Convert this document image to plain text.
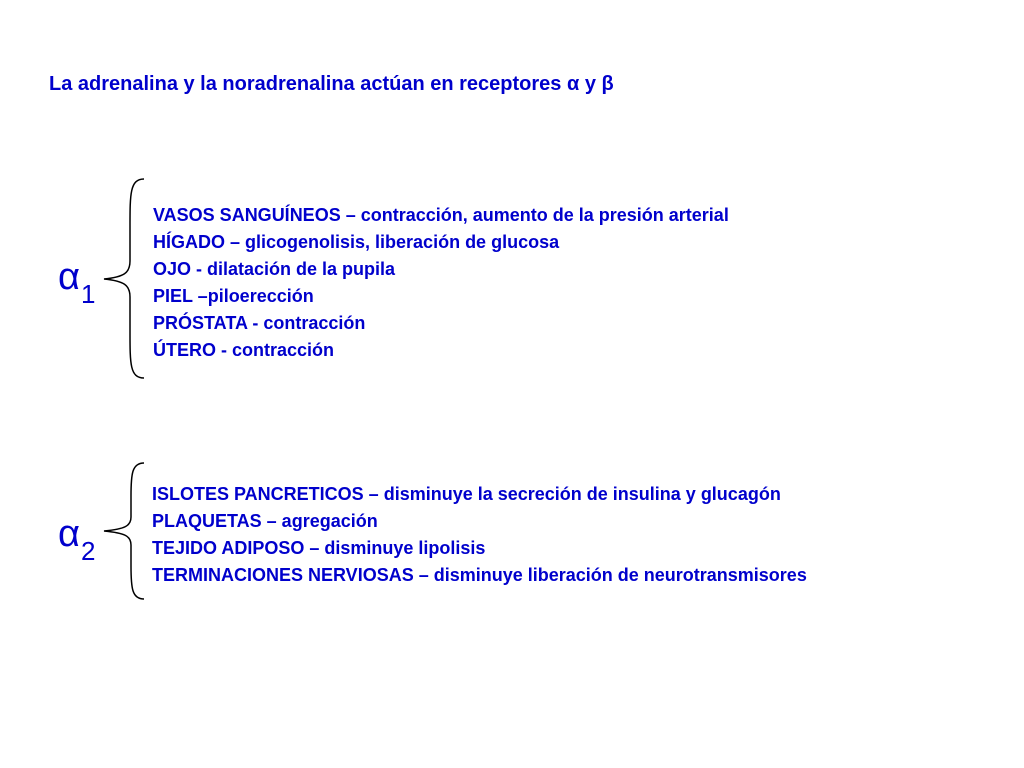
La adrenalina y la noradrenalina actúan en receptores α y β
$\alpha_1$
VASOS SANGUÍNEOS – contracción, aumento de la presión arterial
HÍGADO – glicogenolisis, liberación de glucosa
OJO - dilatación de la pupila
PIEL –piloerección
PRÓSTATA - contracción
ÚTERO - contracción
$\alpha_2$
ISLOTES PANCRETICOS – disminuye la secreción de insulina y glucagón
PLAQUETAS – agregación
TEJIDO ADIPOSO – disminuye lipolisis
TERMINACIONES NERVIOSAS – disminuye liberación de neurotransmisores
